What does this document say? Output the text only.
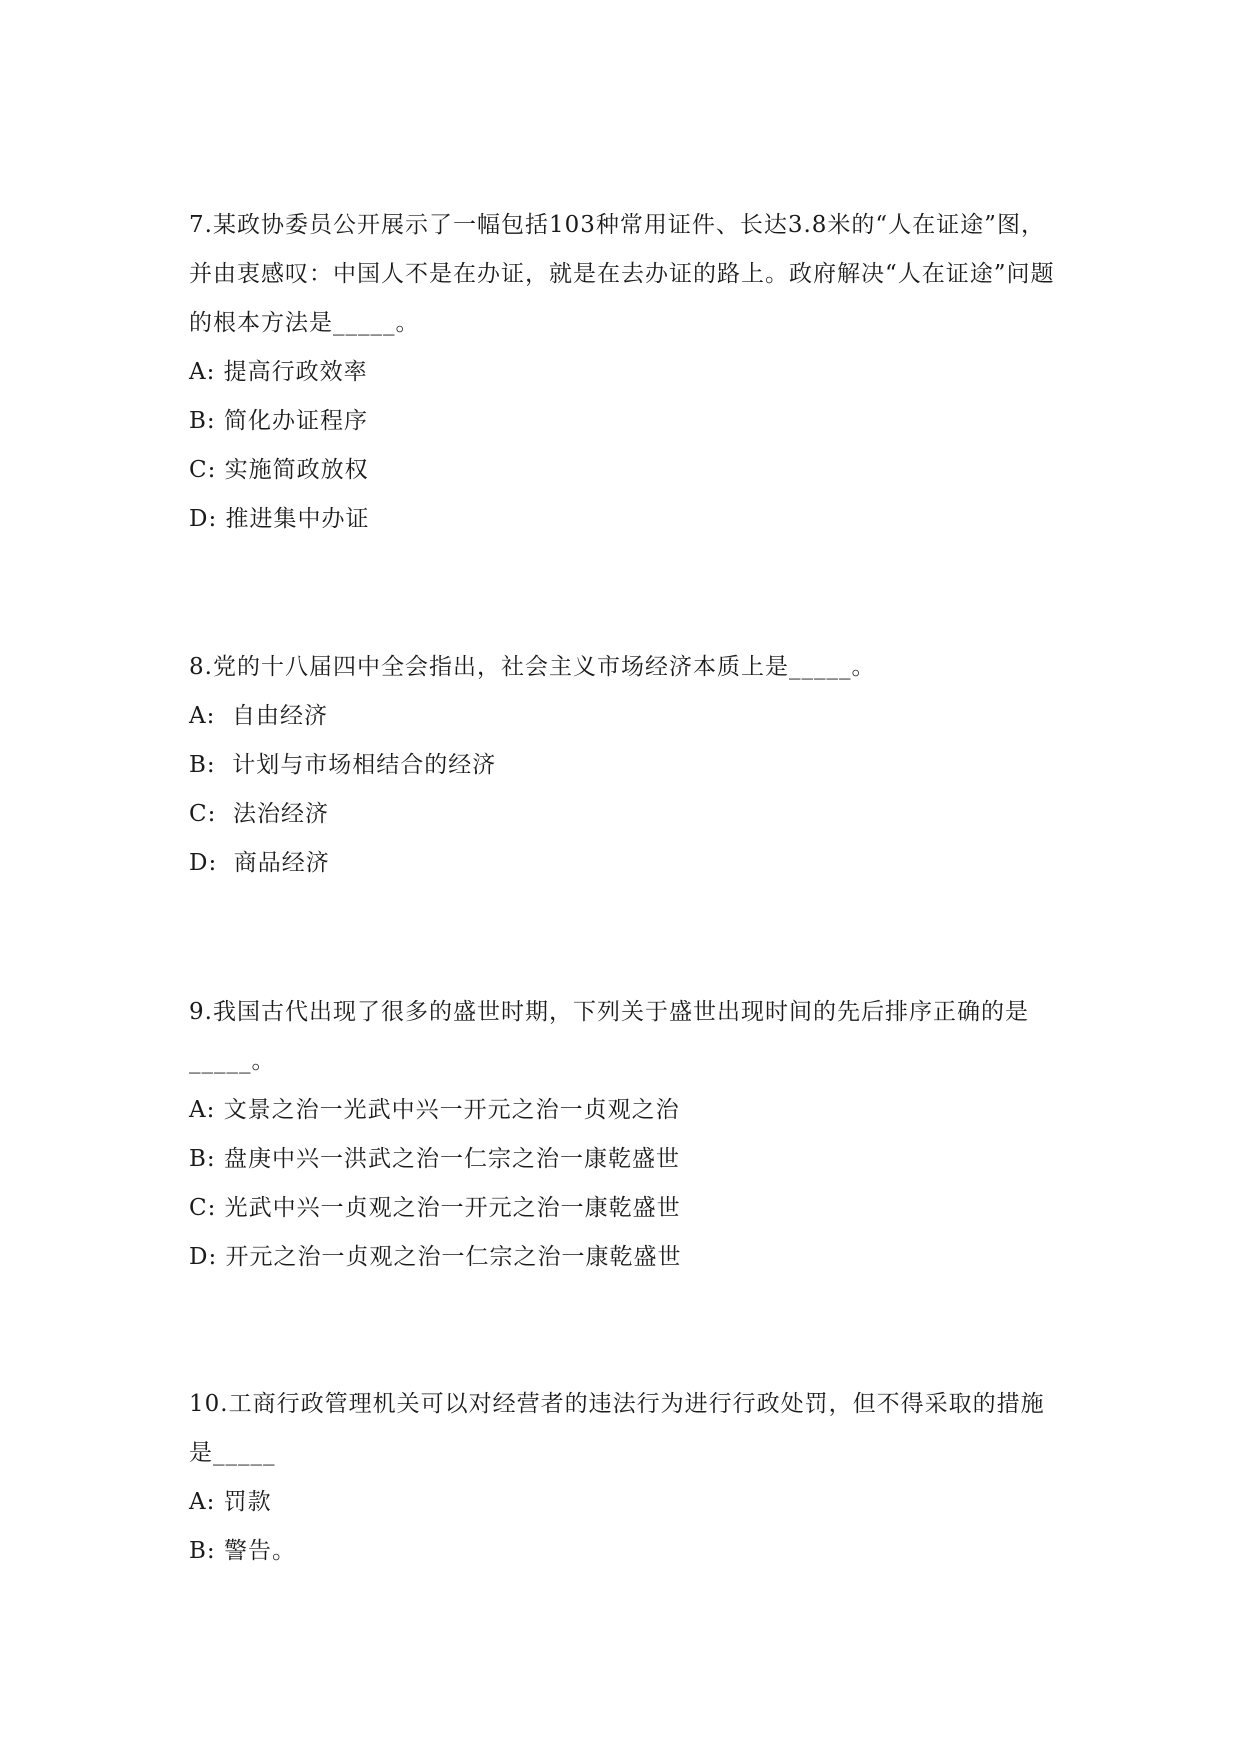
7.某政协委员公开展示了一幅包括103种常用证件、长达3.8米的“人在证途”图，并由衷感叹：中国人不是在办证，就是在去办证的路上。政府解决“人在证途”问题的根本方法是_____。

A: 提高行政效率

B: 简化办证程序

C: 实施简政放权

D: 推进集中办证

8.党的十八届四中全会指出，社会主义市场经济本质上是_____。

A:  自由经济

B:  计划与市场相结合的经济

C:  法治经济

D:  商品经济

9.我国古代出现了很多的盛世时期，下列关于盛世出现时间的先后排序正确的是_____。

A: 文景之治一光武中兴一开元之治一贞观之治

B: 盘庚中兴一洪武之治一仁宗之治一康乾盛世

C: 光武中兴一贞观之治一开元之治一康乾盛世

D: 开元之治一贞观之治一仁宗之治一康乾盛世

10.工商行政管理机关可以对经营者的违法行为进行行政处罚，但不得采取的措施是_____

A: 罚款

B: 警告。
